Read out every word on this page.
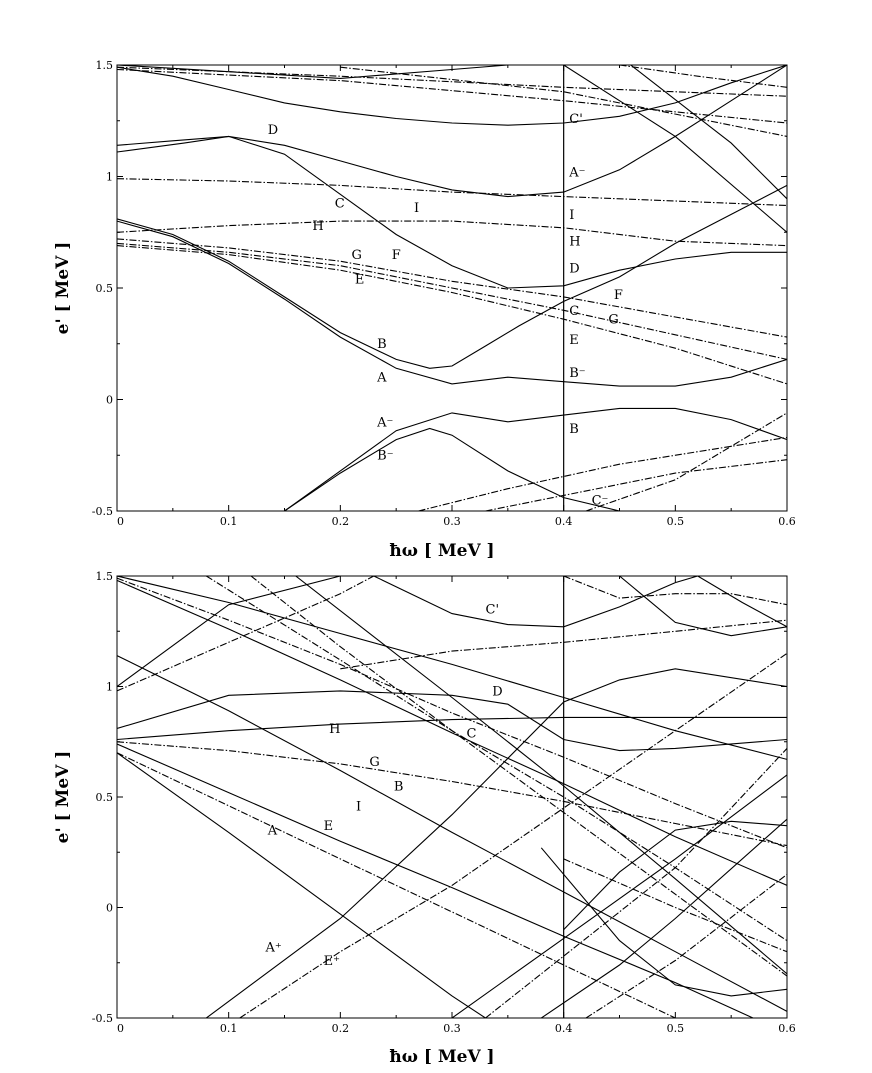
0	0.1	0.2	0.3	0.4	0.5	0.6
-0.5
0
0.5
1
1.5
ħω [ MeV ]
e' [ MeV ]
C'
D
A⁻
C	I	I
H
H
G F
E
D
F
C
G
E
B
A	B⁻
A⁻	B
B⁻
C⁻
0	0.1	0.2	0.3	0.4	0.5	0.6
-0.5
0
0.5
1
1.5
ħω [ MeV ]
e' [ MeV ]
C'
D
H	C
G
B
I
A	E
A⁺
E⁺
